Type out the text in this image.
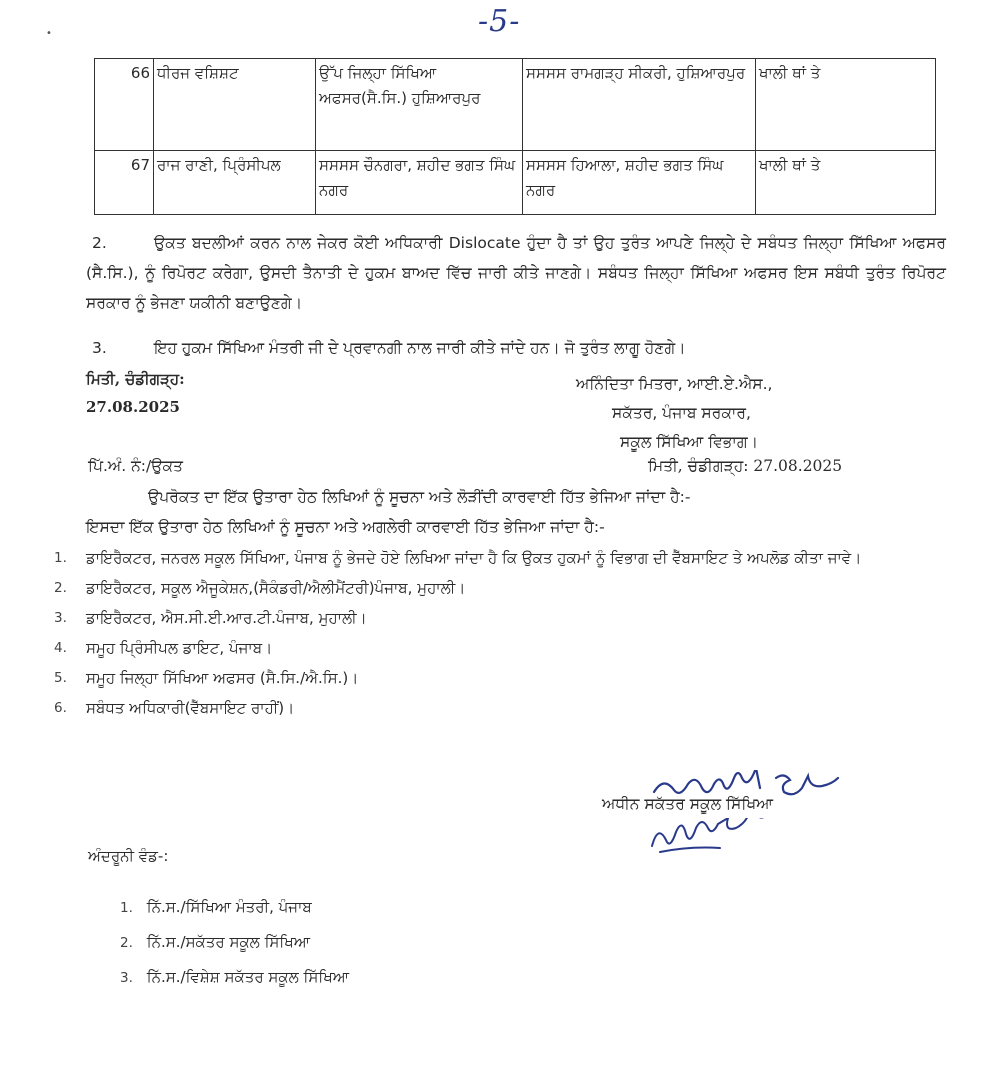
-5-
•
66	ਧੀਰਜ ਵਸ਼ਿਸ਼ਟ	ਉੱਪ ਜਿਲ੍ਹਾ ਸਿੱਖਿਆ ਅਫਸਰ(ਸੈ.ਸਿ.) ਹੁਸ਼ਿਆਰਪੁਰ	ਸਸਸਸ ਰਾਮਗੜ੍ਹ ਸੀਕਰੀ, ਹੁਸ਼ਿਆਰਪੁਰ	ਖਾਲੀ ਥਾਂ ਤੇ
67	ਰਾਜ ਰਾਣੀ, ਪ੍ਰਿੰਸੀਪਲ	ਸਸਸਸ ਚੌਨਗਰਾ, ਸ਼ਹੀਦ ਭਗਤ ਸਿੰਘ ਨਗਰ	ਸਸਸਸ ਹਿਆਲਾ, ਸ਼ਹੀਦ ਭਗਤ ਸਿੰਘ ਨਗਰ	ਖਾਲੀ ਥਾਂ ਤੇ
2.	ਉਕਤ ਬਦਲੀਆਂ ਕਰਨ ਨਾਲ ਜੇਕਰ ਕੋਈ ਅਧਿਕਾਰੀ Dislocate ਹੁੰਦਾ ਹੈ ਤਾਂ ਉਹ ਤੁਰੰਤ ਆਪਣੇ ਜਿਲ੍ਹੇ ਦੇ ਸਬੰਧਤ ਜਿਲ੍ਹਾ ਸਿੱਖਿਆ ਅਫਸਰ (ਸੈ.ਸਿ.), ਨੂੰ ਰਿਪੋਰਟ ਕਰੇਗਾ, ਉਸਦੀ ਤੈਨਾਤੀ ਦੇ ਹੁਕਮ ਬਾਅਦ ਵਿੱਚ ਜਾਰੀ ਕੀਤੇ ਜਾਣਗੇ। ਸਬੰਧਤ ਜਿਲ੍ਹਾ ਸਿੱਖਿਆ ਅਫਸਰ ਇਸ ਸਬੰਧੀ ਤੁਰੰਤ ਰਿਪੋਰਟ ਸਰਕਾਰ ਨੂੰ ਭੇਜਣਾ ਯਕੀਨੀ ਬਣਾਉਣਗੇ।
3.	ਇਹ ਹੁਕਮ ਸਿੱਖਿਆ ਮੰਤਰੀ ਜੀ ਦੇ ਪ੍ਰਵਾਨਗੀ ਨਾਲ ਜਾਰੀ ਕੀਤੇ ਜਾਂਦੇ ਹਨ। ਜੋ ਤੁਰੰਤ ਲਾਗੂ ਹੋਣਗੇ।
ਮਿਤੀ, ਚੰਡੀਗੜ੍ਹ:
27.08.2025
ਅਨਿੰਦਿਤਾ ਮਿਤਰਾ, ਆਈ.ਏ.ਐਸ.,
ਸਕੱਤਰ, ਪੰਜਾਬ ਸਰਕਾਰ,
ਸਕੂਲ ਸਿੱਖਿਆ ਵਿਭਾਗ।
ਪਿੱ.ਅੰ. ਨੰ:/ਉਕਤ	ਮਿਤੀ, ਚੰਡੀਗੜ੍ਹ: 27.08.2025
ਉਪਰੋਕਤ ਦਾ ਇੱਕ ਉਤਾਰਾ ਹੇਠ ਲਿਖਿਆਂ ਨੂੰ ਸੂਚਨਾ ਅਤੇ ਲੋੜੀਂਦੀ ਕਾਰਵਾਈ ਹਿੱਤ ਭੇਜਿਆ ਜਾਂਦਾ ਹੈ:-
ਇਸਦਾ ਇੱਕ ਉਤਾਰਾ ਹੇਠ ਲਿਖਿਆਂ ਨੂੰ ਸੂਚਨਾ ਅਤੇ ਅਗਲੇਰੀ ਕਾਰਵਾਈ ਹਿੱਤ ਭੇਜਿਆ ਜਾਂਦਾ ਹੈ:-
1. ਡਾਇਰੈਕਟਰ, ਜਨਰਲ ਸਕੂਲ ਸਿੱਖਿਆ, ਪੰਜਾਬ ਨੂੰ ਭੇਜਦੇ ਹੋਏ ਲਿਖਿਆ ਜਾਂਦਾ ਹੈ ਕਿ ਉਕਤ ਹੁਕਮਾਂ ਨੂੰ ਵਿਭਾਗ ਦੀ ਵੈੱਬਸਾਇਟ ਤੇ ਅਪਲੋਡ ਕੀਤਾ ਜਾਵੇ।
2. ਡਾਇਰੈਕਟਰ, ਸਕੂਲ ਐਜੂਕੇਸ਼ਨ,(ਸੈਕੰਡਰੀ/ਐਲੀਮੈਂਟਰੀ)ਪੰਜਾਬ, ਮੁਹਾਲੀ।
3. ਡਾਇਰੈਕਟਰ, ਐਸ.ਸੀ.ਈ.ਆਰ.ਟੀ.ਪੰਜਾਬ, ਮੁਹਾਲੀ।
4. ਸਮੂਹ ਪ੍ਰਿੰਸੀਪਲ ਡਾਇਟ, ਪੰਜਾਬ।
5. ਸਮੂਹ ਜਿਲ੍ਹਾ ਸਿੱਖਿਆ ਅਫਸਰ (ਸੈ.ਸਿ./ਐ.ਸਿ.)।
6. ਸਬੰਧਤ ਅਧਿਕਾਰੀ(ਵੈੱਬਸਾਇਟ ਰਾਹੀਂ)।
ਅਧੀਨ ਸਕੱਤਰ ਸਕੂਲ ਸਿੱਖਿਆ
ਅੰਦਰੂਨੀ ਵੰਡ-:
1. ਨਿੱ.ਸ./ਸਿੱਖਿਆ ਮੰਤਰੀ, ਪੰਜਾਬ
2. ਨਿੱ.ਸ./ਸਕੱਤਰ ਸਕੂਲ ਸਿੱਖਿਆ
3. ਨਿੱ.ਸ./ਵਿਸ਼ੇਸ਼ ਸਕੱਤਰ ਸਕੂਲ ਸਿੱਖਿਆ
